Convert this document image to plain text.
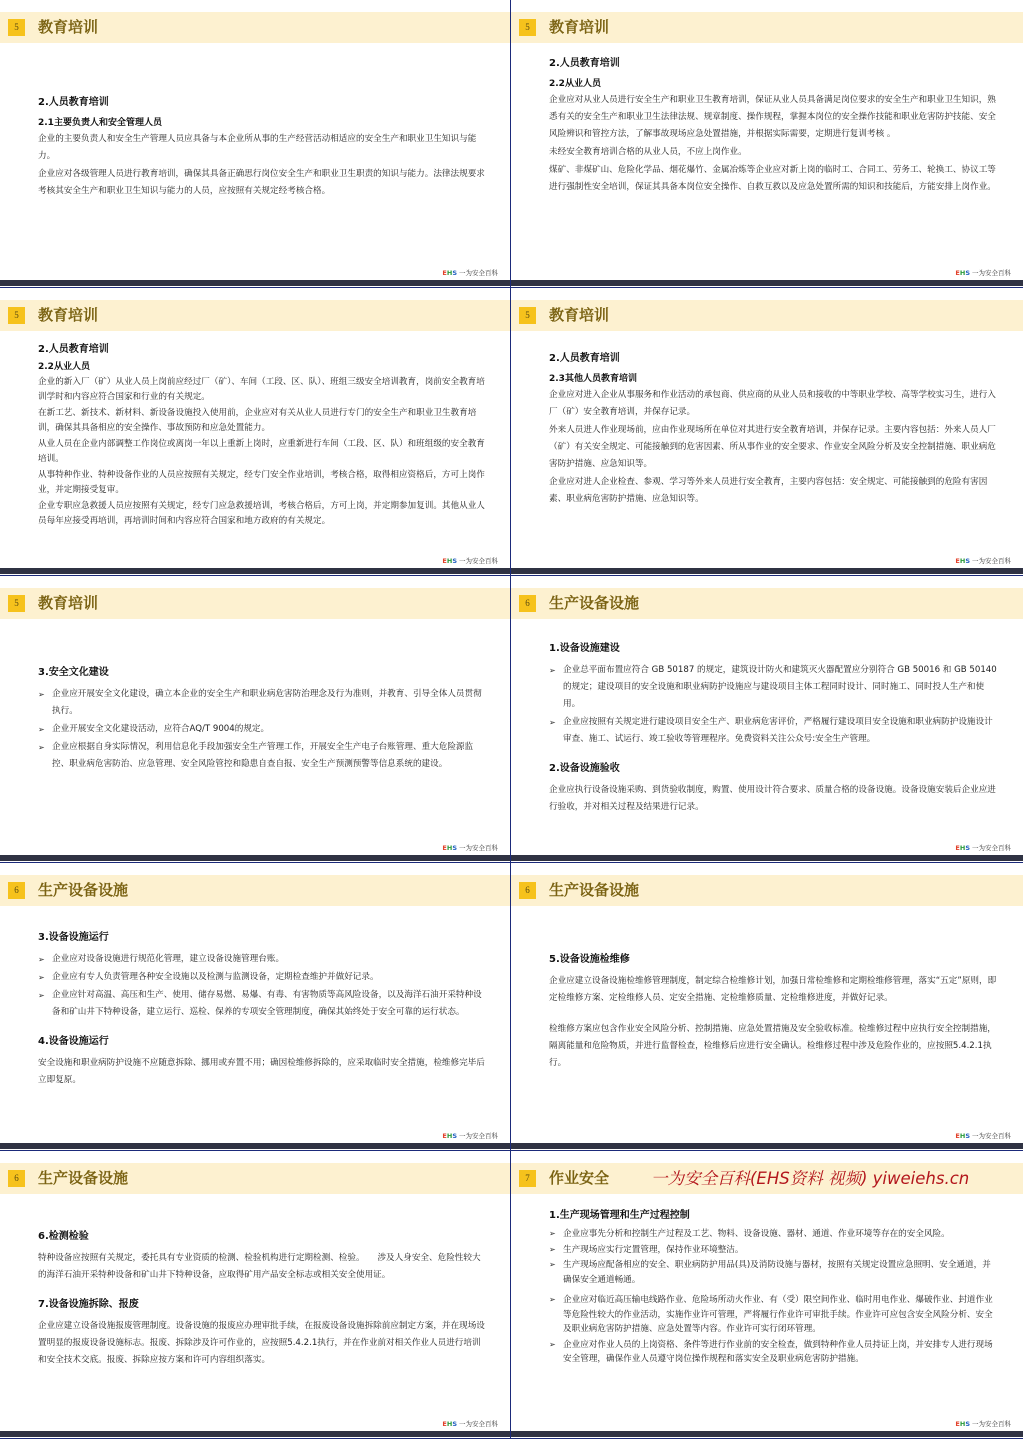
5	教育培训
2.人员教育培训
2.1主要负责人和安全管理人员
企业的主要负责人和安全生产管理人员应具备与本企业所从事的生产经营活动相适应的安全生产和职业卫生知识与能力。
企业应对各级管理人员进行教育培训，确保其具备正确思行岗位安全生产和职业卫生职责的知识与能力。法律法规要求考核其安全生产和职业卫生知识与能力的人员，应按照有关规定经考核合格。
EHS 一为安全百科
5	教育培训
2.人员教育培训
2.2从业人员
企业应对从业人员进行安全生产和职业卫生教育培训，保证从业人员具备满足岗位要求的安全生产和职业卫生知识，熟悉有关的安全生产和职业卫生法律法规、规章制度、操作规程，掌握本岗位的安全操作技能和职业危害防护技能、安全风险辨识和管控方法，了解事故现场应急处置措施，并根据实际需要，定期进行复训考核 。
未经安全教育培训合格的从业人员，不应上岗作业。
煤矿、非煤矿山、危险化学品、烟花爆竹、金属冶炼等企业应对新上岗的临时工、合同工、劳务工、轮换工、协议工等进行强制性安全培训，保证其具备本岗位安全操作、自救互救以及应急处置所需的知识和技能后，方能安排上岗作业。
EHS 一为安全百科
5	教育培训
2.人员教育培训
2.2从业人员
企业的新入厂（矿）从业人员上岗前应经过厂（矿）、车间（工段、区、队）、班组三级安全培训教育，岗前安全教育培训学时和内容应符合国家和行业的有关规定。
在新工艺、新技术、新材料、新设备设施投入使用前，企业应对有关从业人员进行专门的安全生产和职业卫生教育培训，确保其具备相应的安全操作、事故预防和应急处置能力。
从业人员在企业内部调整工作岗位或离岗一年以上重新上岗时，应重新进行车间（工段、区、队）和班组级的安全教育培训。
从事特种作业、特种设备作业的人员应按照有关规定，经专门安全作业培训，考核合格，取得相应资格后，方可上岗作业，并定期接受复审。
企业专职应急救援人员应按照有关规定，经专门应急救援培训，考核合格后，方可上岗，并定期参加复训。其他从业人员每年应接受再培训，再培训时间和内容应符合国家和地方政府的有关规定。
EHS 一为安全百科
5	教育培训
2.人员教育培训
2.3其他人员教育培训
企业应对进入企业从事服务和作业活动的承包商、供应商的从业人员和接收的中等职业学校、高等学校实习生，进行入厂（矿）安全教育培训，并保存记录。
外来人员进人作业现场前，应由作业现场所在单位对其进行安全教育培训，并保存记录。主要内容包括：外来人员人厂（矿）有关安全规定、可能接触到的危害因素、所从事作业的安全要求、作业安全风险分析及安全控制措施、职业病危害防护措施、应急知识等。
企业应对进人企业检査、参观、学习等外来人员进行安全教育，主要内容包括：安全规定、可能接触到的危险有害因素、职业病危害防护措施、应急知识等。
EHS 一为安全百科
5	教育培训
3.安全文化建设
➢ 企业应开展安全文化建设，确立本企业的安全生产和职业病危害防治理念及行为准则，并教育、引导全体人员贯彻执行。
➢ 企业开展安全文化建设活动，应符合AQ/T 9004的规定。
➢ 企业应根据自身实际情况，利用信息化手段加强安全生产管理工作，开展安全生产电子台账管理、重大危险源监控、职业病危害防治、应急管理、安全风险管控和隐患自查自报、安全生产预测预警等信息系统的建设。
EHS 一为安全百科
6	生产设备设施
1.设备设施建设
➢ 企业总平面布置应符合 GB 50187 的规定，建筑设计防火和建筑灭火器配置应分别符合 GB 50016 和 GB 50140的规定；建设项目的安全设施和职业病防护设施应与建设项目主体工程同时设计、同时施工、同时投人生产和使用。
➢ 企业应按照有关规定进行建设项目安全生产、职业病危害评价，严格履行建设项目安全设施和职业病防护设施设计审查、施工、试运行、竣工验收等管理程序。免费资料关注公众号:安全生产管理。
2.设备设施验收
企业应执行设备设施采购、到货验收制度，购置、使用设计符合要求、质量合格的设备设施。设备设施安装后企业应进行验收，并对相关过程及结果进行记录。
EHS 一为安全百科
6	生产设备设施
3.设备设施运行
➢ 企业应对设备设施进行规范化管理，建立设备设施管理台账。
➢ 企业应有专人负责管理各种安全设施以及检测与监测设备，定期检查维护并做好记录。
➢ 企业应针对高温、高压和生产、使用、储存易燃、易爆、有毒、有害物质等高风险设备，以及海洋石油开采特种设备和矿山井下特种设备，建立运行、巡检、保养的专项安全管理制度，确保其始终处于安全可靠的运行状态。
4.设备设施运行
安全设施和职业病防护设施不应随意拆除、挪用或弃置不用；确因检维修拆除的，应采取临时安全措施，检维修完毕后立即复原。
EHS 一为安全百科
6	生产设备设施
5.设备设施检维修
企业应建立设备设施检维修管理制度，制定综合检维修计划，加强日常检维修和定期检维修管理，落实“五定”原则，即定检维修方案、定检维修人员、定安全措施、定检维修质量、定检维修进度，并做好记录。
检维修方案应包含作业安全风险分析、控制措施、应急处置措施及安全验收标准。检维修过程中应执行安全控制措施，隔离能量和危险物质，并进行监督检查，检维修后应进行安全确认。检维修过程中涉及危险作业的，应按照5.4.2.1执行。
EHS 一为安全百科
6	生产设备设施
6.检测检验
特种设备应按照有关规定，委托具有专业资质的检测、检验机构进行定期检测、检验。　　涉及人身安全、危险性较大的海洋石油开采特种设备和矿山井下特种设备，应取得矿用产品安全标志或相关安全使用证。
7.设备设施拆除、报废
企业应建立设备设施报废管理制度。设备设施的报废应办理审批手续，在报废设备设施拆除前应制定方案，并在现场设置明显的报废设备设施标志。报废、拆除涉及许可作业的，应按照5.4.2.1执行，并在作业前对相关作业人员进行培训和安全技术交底。报废、拆除应按方案和许可内容组织落实。
EHS 一为安全百科
7	作业安全
1.生产现场管理和生产过程控制
➢ 企业应事先分析和控制生产过程及工艺、物料、设备设施、器材、通道、作业环境等存在的安全风险。
➢ 生产现场应实行定置管理，保持作业环境整洁。
➢ 生产现场应配备相应的安全、职业病防护用品(具)及消防设施与器材，按照有关规定设置应急照明、安全通道，并确保安全通道畅通。
➢ 企业应对临近高压输电线路作业、危险场所动火作业、有（受）限空间作业、临时用电作业、爆破作业、封道作业等危险性较大的作业活动，实施作业许可管理，严将履行作业许可审批手续。作业许可应包含安全风险分析、安全及职业病危害防护措施、应急处置等内容。作业许可实行闭环管理。
➢ 企业应对作业人员的上岗资格、条件等进行作业前的安全检查，做到特种作业人员持证上岗，并安排专人进行现场安全管理，确保作业人员遵守岗位操作规程和落实安全及职业病危害防护措施。
EHS 一为安全百科
一为安全百科(EHS资料 视频) yiweiehs.cn
